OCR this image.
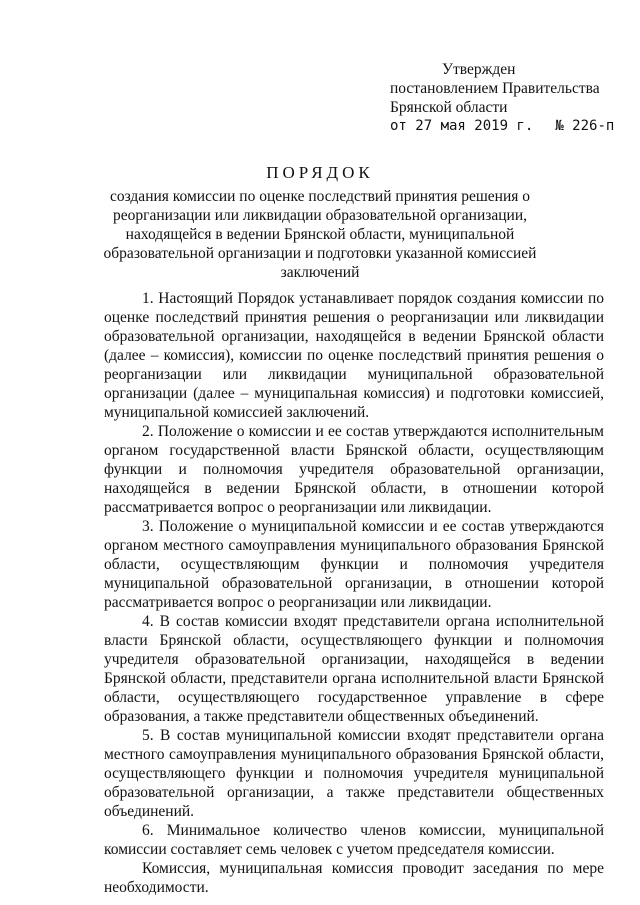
Утвержден
постановлением Правительства
Брянской области
от 27 мая 2019 г. № 226-п
ПОРЯДОК
создания комиссии по оценке последствий принятия решения о реорганизации или ликвидации образовательной организации, находящейся в ведении Брянской области, муниципальной образовательной организации и подготовки указанной комиссией заключений

1. Настоящий Порядок устанавливает порядок создания комиссии по оценке последствий принятия решения о реорганизации или ликвидации образовательной организации, находящейся в ведении Брянской области (далее – комиссия), комиссии по оценке последствий принятия решения о реорганизации или ликвидации муниципальной образовательной организации (далее – муниципальная комиссия) и подготовки комиссией, муниципальной комиссией заключений.

2. Положение о комиссии и ее состав утверждаются исполнительным органом государственной власти Брянской области, осуществляющим функции и полномочия учредителя образовательной организации, находящейся в ведении Брянской области, в отношении которой рассматривается вопрос о реорганизации или ликвидации.

3. Положение о муниципальной комиссии и ее состав утверждаются органом местного самоуправления муниципального образования Брянской области, осуществляющим функции и полномочия учредителя муниципальной образовательной организации, в отношении которой рассматривается вопрос о реорганизации или ликвидации.

4. В состав комиссии входят представители органа исполнительной власти Брянской области, осуществляющего функции и полномочия учредителя образовательной организации, находящейся в ведении Брянской области, представители органа исполнительной власти Брянской области, осуществляющего государственное управление в сфере образования, а также представители общественных объединений.

5. В состав муниципальной комиссии входят представители органа местного самоуправления муниципального образования Брянской области, осуществляющего функции и полномочия учредителя муниципальной образовательной организации, а также представители общественных объединений.

6. Минимальное количество членов комиссии, муниципальной комиссии составляет семь человек с учетом председателя комиссии.

Комиссия, муниципальная комиссия проводит заседания по мере необходимости.
